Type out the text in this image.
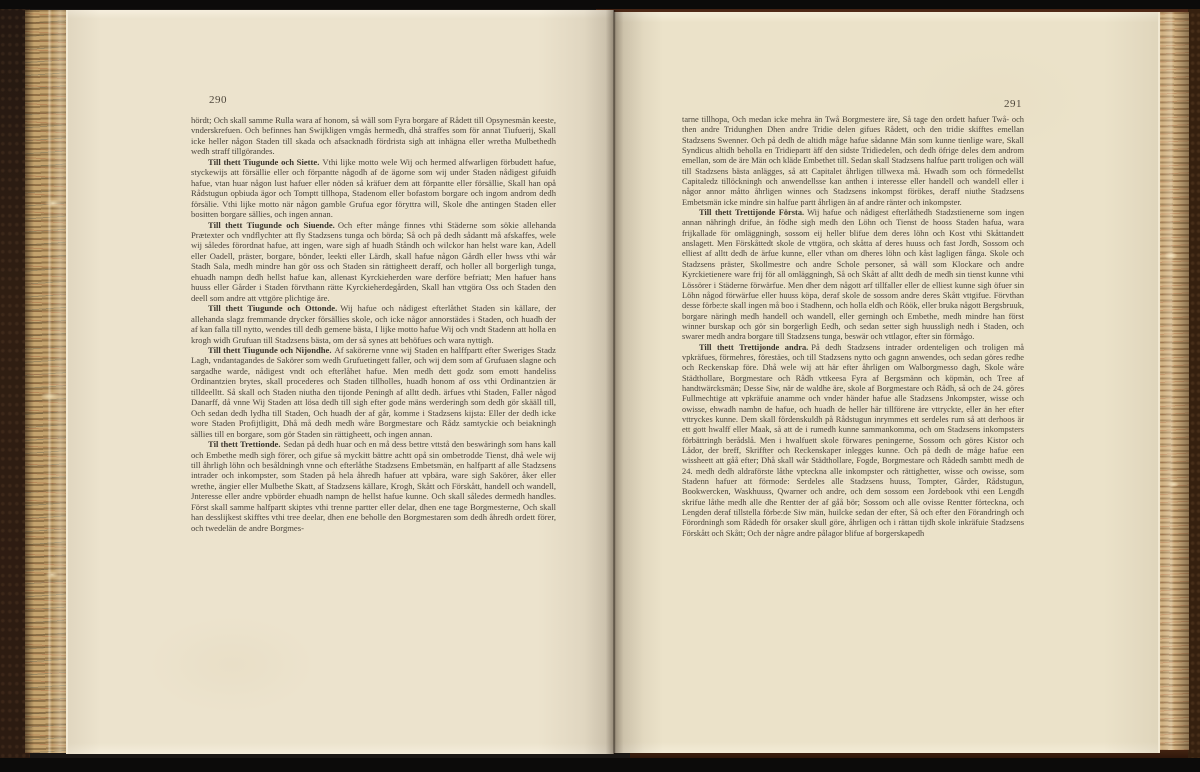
290

hördt; Och skall samme Rulla wara af honom, så wäll som Fyra borgare af Rådett till Opsynesmän keeste, vnderskrefuen. Och befinnes han Swijkligen vmgås hermedh, dhå straffes som för annat Tiufuerij, Skall icke heller någon Staden till skada och afsacknadh fördrista sigh att inhägna eller wretha Mulbethedh wedh straff tillgörandes.

Till thett Tiugunde och Siette. Vthi lijke motto wele Wij och hermed alfwarligen förbudett hafue, styckewijs att försällie eller och förpantte någodh af de ägorne som wij under Staden nådigest gifuidh hafue, vtan huar någon lust hafuer eller nöden så kräfuer dem att förpantte eller försällie, Skall han opå Rådstugun opbiuda ägor och Tomptt tillhopa, Stadenom eller bofastom borgare och ingom androm dedh försälie. Vthi lijke motto när någon gamble Grufua egor föryttra will, Skole dhe antingen Staden eller bositten borgare sällies, och ingen annan.

Till thett Tiugunde och Siuende. Och efter månge finnes vthi Städerne som sökie allehanda Prætexter och vndflychter att fly Stadzsens tunga och börda; Så och på dedh sådantt må afskaffes, wele wij således förordnat hafue, att ingen, ware sigh af huadh Ståndh och wilckor han helst ware kan, Adell eller Oadell, präster, borgare, bönder, leekti eller Lärdh, skall hafue någon Gårdh eller hwss vthi wår Stadh Sala, medh mindre han gör oss och Staden sin rättigheett deraff, och holler all borgerligh tunga, ehuadh nampn dedh hellst hafue kan, allenast Kyrckieherden ware derföre befriatt; Men hafuer hans huuss eller Gårder i Staden förvthann rätte Kyrckieherdegården, Skall han vttgöra Oss och Staden den deell som andre att vttgöre plichtige äre.

Till thett Tiugunde och Ottonde. Wij hafue och nådigest efterlåthet Staden sin källare, der allehanda slagz fremmande drycker försällies skole, och icke någor annorstädes i Staden, och huadh der af kan falla till nytto, wendes till dedh gemene bästa, I lijke motto hafue Wij och vndt Stadenn att holla en krogh widh Grufuan till Stadzsens bästa, om der så synes att behöfues och wara nyttigh.

Till thett Tiugunde och Nijondhe. Af sakörerne vnne wij Staden en halffpartt efter Sweriges Stadz Lagh, vndantagandes de Sakörer som wedh Grufuetingett faller, och wij dem som af Grufuaen slagne och sargadhe warde, nådigest vndt och efterlåhet hafue. Men medh dett godz som emott handeliss Ordinantzien brytes, skall procederes och Staden tillholles, huadh honom af oss vthi Ordinantzien är tilldeelltt. Så skall och Staden niutha den tijonde Peningh af alltt dedh. ärfues vthi Staden, Faller någod Danarff, då vnne Wij Staden att lösa dedh till sigh efter gode mäns werderingh som dedh gör skääll till, Och sedan dedh lydha till Staden, Och huadh der af går, komme i Stadzsens kijsta: Eller der dedh icke wore Staden Profijtligitt, Dhå må dedh medh wåre Borgmestare och Rådz samtyckie och beiakningh sällies till en borgare, som gör Staden sin rättigheett, och ingen annan.

Til thett Trettionde. Sedan på dedh huar och en må dess bettre vttstå den beswäringh som hans kall och Embethe medh sigh förer, och gifue så myckitt bättre achtt opå sin ombetrodde Tienst, dhå wele wij till åhrligh löhn och besåldningh vnne och efterlåthe Stadzsens Embetsmän, en halfpartt af alle Stadzsens intrader och inkompster, som Staden på hela åhredh hafuer att vpbära, ware sigh Sakörer, åker eller wrethe, ängier eller Mulbethe Skatt, af Stadzsens källare, Krogh, Skått och Förskått, handell och wandell, Jnteresse eller andre vpbörder ehuadh nampn de hellst hafue kunne. Och skall således dermedh handles. Först skall samme halfpartt skiptes vthi trenne partter eller delar, dhen ene tage Borgmesterne, Och skall han desslijkest skifftes vthi tree deelar, dhen ene beholle den Borgmestaren som dedh åhredh ordett förer, och twedelän de andre Borgmes-

291

tarne tillhopa, Och medan icke mehra än Twå Borgmestere äre, Så tage den ordett hafuer Twå- och then andre Tridunghen Dhen andre Tridie delen gifues Rådett, och den tridie skifftes emellan Stadzsens Swenner. Och på dedh de altidh måge hafue sådanne Män som kunne tienlige ware, Skall Syndicus altidh beholla en Tridiepartt äff den sidste Tridiedelen, och dedh öfrige deles dem androm emellan, som de äre Män och kläde Embethet till. Sedan skall Stadzsens halfue partt troligen och wäll till Stadzsens bästa anlägges, så att Capitalet åhrligen tillwexa må. Hwadh som och förmedellst Capitaledz tillöckningh och anwendellsse kan anthen i interesse eller handell och wandell eller i någor annor måtto åhrligen winnes och Stadzsens inkompst förökes, deraff niuthe Stadzsens Embetsmän icke mindre sin halfue partt åhrligen än af andre ränter och inkompster.

Till thett Trettijonde Första. Wij hafue och nådigest efterlåthedh Stadzstienerne som ingen annan nähringh drifue, än födhe sigh medh den Löhn och Tienst de hooss Staden hafua, wara frijkallade för omläggningh, sossom eij heller blifue dem deres löhn och Kost vthi Skåttandett anslagett. Men Förskåttedt skole de vttgöra, och skåtta af deres huuss och fast Jordh, Sossom och elliest af alltt dedh de ärfue kunne, eller vthan om dheres löhn och kåst lagligen fånga. Skole och Stadzsens präster, Skollmestre och andre Schole personer, så wäll som Klockare och andre Kyrckietienere ware frij för all omläggningh, Så och Skått af alltt dedh de medh sin tienst kunne vthi Lössörer i Städerne förwärfue. Men dher dem någott arf tillfaller eller de elliest kunne sigh öfuer sin Löhn någod förwärfue eller huuss köpa, deraf skole de sossom andre deres Skått vttgifue. Förvthan desse förbe:te skall ingen må boo i Stadhenn, och holla eldh och Röök, eller bruka någott Bergsbruuk, borgare näringh medh handell och wandell, eller gerningh och Embethe, medh mindre han först winner burskap och gör sin borgerligh Eedh, och sedan setter sigh huussligh nedh i Staden, och swarer medh andra borgare till Stadzsens tunga, beswär och vttlagor, efter sin förmågo.

Till thett Trettijonde andra. På dedh Stadzsens intrader ordenteligen och troligen må vpkräfues, förmehres, förestäes, och till Stadzsens nytto och gagnn anwendes, och sedan göres redhe och Reckenskap före. Dhå wele wij att här efter åhrligen om Walborgmesso dagh, Skole wåre Städthollare, Borgmestare och Rådh vttkeesa Fyra af Bergsmänn och köpmän, och Tree af handtwärcksmän; Desse Siw, när de waldhe äre, skole af Borgmestare och Rådh, så och de 24. göres Fullmechtige att vpkräfuie anamme och vnder händer hafue alle Stadzsens Jnkompster, wisse och owisse, ehwadh nambn de hafue, och huadh de heller här tillförene äre vttryckte, eller än her efter vttryckes kunne. Dem skall fördenskuldh på Rådstugun inrymmes ett serdeles rum så att derhoos är ett gott hwalff eller Maak, så att de i rumedh kunne sammankomma, och om Stadzsens inkompsters förbättringh berådslå. Men i hwalfuett skole förwares peningerne, Sossom och göres Kistor och Lådor, der breff, Skriffter och Reckenskaper inlegges kunne. Och på dedh de måge hafue een wissheett att gåå efter; Dhå skall wår Städthollare, Fogde, Borgmestare och Rådedh sambtt medh de 24. medh dedh aldraförste låthe vpteckna alle inkompster och rättighetter, wisse och owisse, som Stadenn hafuer att förmode: Serdeles alle Stadzsens huuss, Tompter, Gårder, Rådstugun, Bookwercken, Waskhuuss, Qwarner och andre, och dem sossom een Jordebook vthi een Lengdh skrifue låthe medh alle dhe Rentter der af gåå bör; Sossom och alle ovisse Rentter förteckna, och Lengden deraf tillstella förbe:de Siw män, huilcke sedan der efter, Så och efter den Förandringh och Förordningh som Rådedh för orsaker skull göre, åhrligen och i rättan tijdh skole inkräfuie Stadzsens Förskått och Skått; Och der någre andre pålagor blifue af borgerskapedh
